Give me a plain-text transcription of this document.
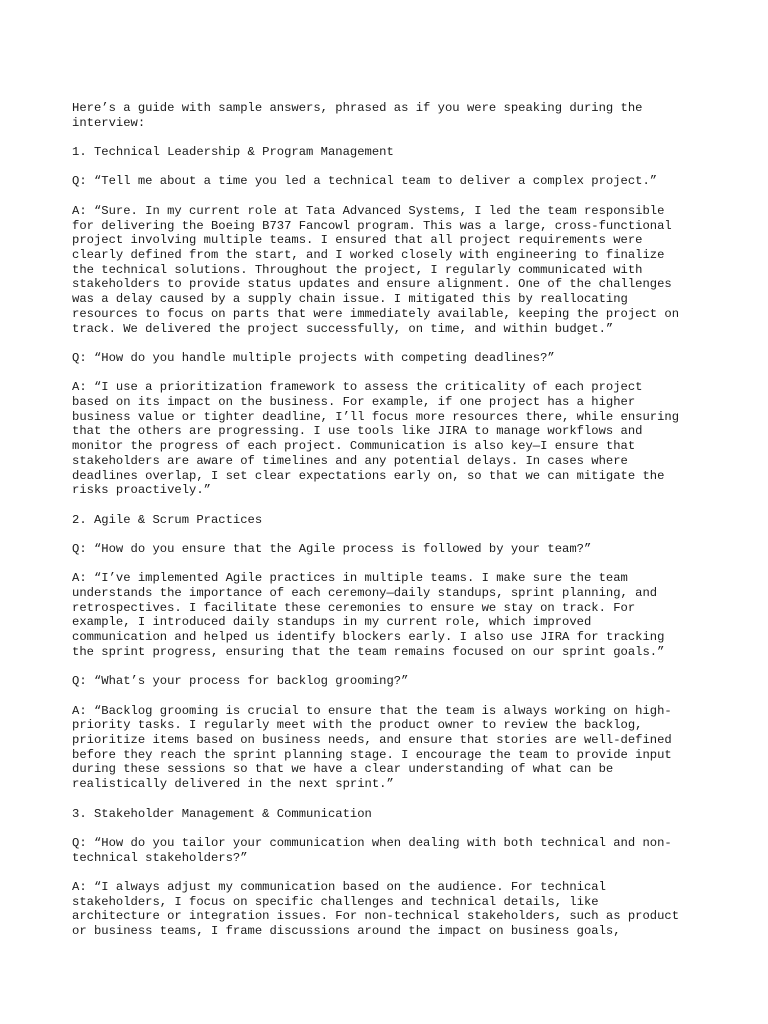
Here’s a guide with sample answers, phrased as if you were speaking during the
interview:

1. Technical Leadership & Program Management

Q: “Tell me about a time you led a technical team to deliver a complex project.”

A: “Sure. In my current role at Tata Advanced Systems, I led the team responsible
for delivering the Boeing B737 Fancowl program. This was a large, cross-functional
project involving multiple teams. I ensured that all project requirements were
clearly defined from the start, and I worked closely with engineering to finalize
the technical solutions. Throughout the project, I regularly communicated with
stakeholders to provide status updates and ensure alignment. One of the challenges
was a delay caused by a supply chain issue. I mitigated this by reallocating
resources to focus on parts that were immediately available, keeping the project on
track. We delivered the project successfully, on time, and within budget.”

Q: “How do you handle multiple projects with competing deadlines?”

A: “I use a prioritization framework to assess the criticality of each project
based on its impact on the business. For example, if one project has a higher
business value or tighter deadline, I’ll focus more resources there, while ensuring
that the others are progressing. I use tools like JIRA to manage workflows and
monitor the progress of each project. Communication is also key—I ensure that
stakeholders are aware of timelines and any potential delays. In cases where
deadlines overlap, I set clear expectations early on, so that we can mitigate the
risks proactively.”

2. Agile & Scrum Practices

Q: “How do you ensure that the Agile process is followed by your team?”

A: “I’ve implemented Agile practices in multiple teams. I make sure the team
understands the importance of each ceremony—daily standups, sprint planning, and
retrospectives. I facilitate these ceremonies to ensure we stay on track. For
example, I introduced daily standups in my current role, which improved
communication and helped us identify blockers early. I also use JIRA for tracking
the sprint progress, ensuring that the team remains focused on our sprint goals.”

Q: “What’s your process for backlog grooming?”

A: “Backlog grooming is crucial to ensure that the team is always working on high-
priority tasks. I regularly meet with the product owner to review the backlog,
prioritize items based on business needs, and ensure that stories are well-defined
before they reach the sprint planning stage. I encourage the team to provide input
during these sessions so that we have a clear understanding of what can be
realistically delivered in the next sprint.”

3. Stakeholder Management & Communication

Q: “How do you tailor your communication when dealing with both technical and non-
technical stakeholders?”

A: “I always adjust my communication based on the audience. For technical
stakeholders, I focus on specific challenges and technical details, like
architecture or integration issues. For non-technical stakeholders, such as product
or business teams, I frame discussions around the impact on business goals,
